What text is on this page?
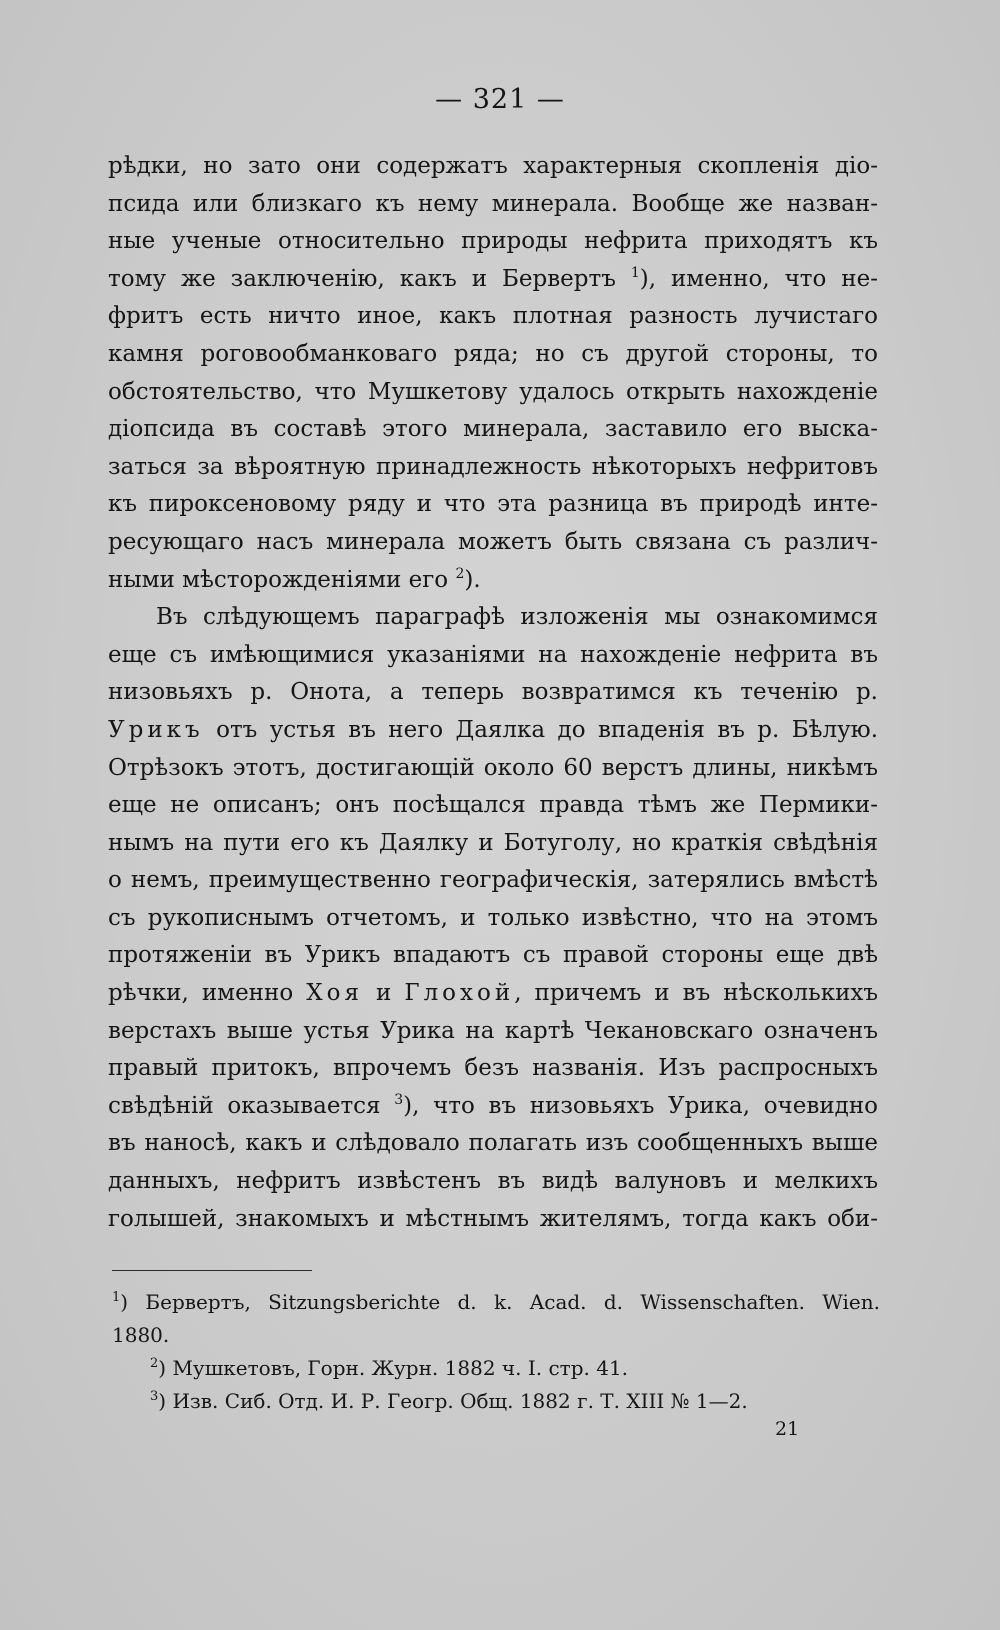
— 321 —
рѣдки, но зато они содержатъ характерныя скопленія діо-
псида или близкаго къ нему минерала. Вообще же назван-
ные ученые относительно природы нефрита приходятъ къ
тому же заключенію, какъ и Бервертъ $^1$), именно, что не-
фритъ есть ничто иное, какъ плотная разность лучистаго
камня роговообманковаго ряда; но съ другой стороны, то
обстоятельство, что Мушкетову удалось открыть нахожденіе
діопсида въ составѣ этого минерала, заставило его выска-
заться за вѣроятную принадлежность нѣкоторыхъ нефритовъ
къ пироксеновому ряду и что эта разница въ природѣ инте-
ресующаго насъ минерала можетъ быть связана съ различ-
ными мѣсторожденіями его $^2$).
Въ слѣдующемъ параграфѣ изложенія мы ознакомимся
еще съ имѣющимися указаніями на нахожденіе нефрита въ
низовьяхъ р. Онота, а теперь возвратимся къ теченію р.
Урикъ отъ устья въ него Даялка до впаденія въ р. Бѣлую.
Отрѣзокъ этотъ, достигающій около 60 верстъ длины, никѣмъ
еще не описанъ; онъ посѣщался правда тѣмъ же Пермики-
нымъ на пути его къ Даялку и Ботуголу, но краткія свѣдѣнія
о немъ, преимущественно географическія, затерялись вмѣстѣ
съ рукописнымъ отчетомъ, и только извѣстно, что на этомъ
протяженіи въ Урикъ впадаютъ съ правой стороны еще двѣ
рѣчки, именно Хоя и Глохой, причемъ и въ нѣсколькихъ
верстахъ выше устья Урика на картѣ Чекановскаго означенъ
правый притокъ, впрочемъ безъ названія. Изъ распросныхъ
свѣдѣній оказывается $^3$), что въ низовьяхъ Урика, очевидно
въ наносѣ, какъ и слѣдовало полагать изъ сообщенныхъ выше
данныхъ, нефритъ извѣстенъ въ видѣ валуновъ и мелкихъ
голышей, знакомыхъ и мѣстнымъ жителямъ, тогда какъ оби-
$^1$) Бервертъ, Sitzungsberichte d. k. Acad. d. Wissenschaften. Wien.
1880.
$^2$) Мушкетовъ, Горн. Журн. 1882 ч. I. стр. 41.
$^3$) Изв. Сиб. Отд. И. Р. Геогр. Общ. 1882 г. Т. XIII № 1—2.
21
